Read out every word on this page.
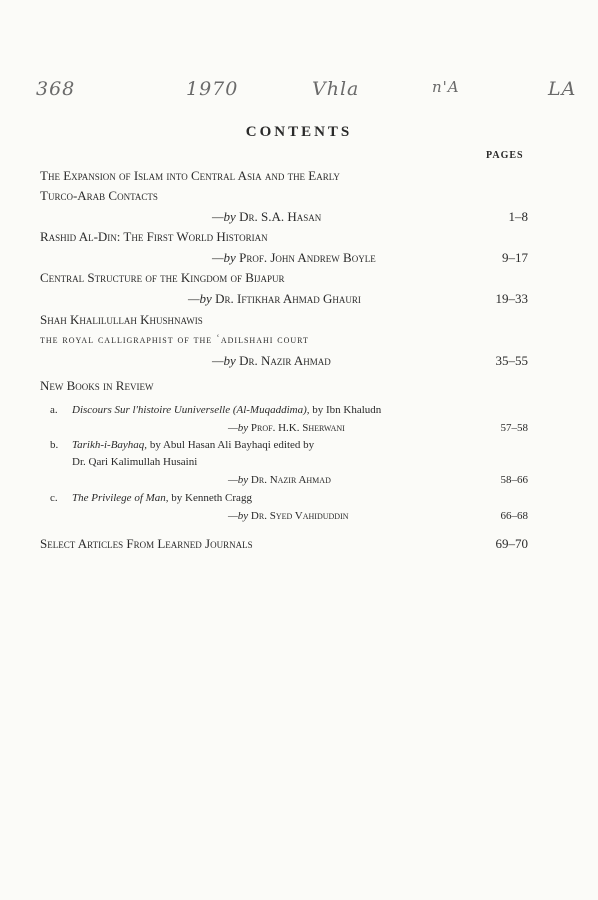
368	1970	Vhla	n'A	LA
CONTENTS
PAGES
The Expansion of Islam into Central Asia and the Early
Turco-Arab Contacts
—by Dr. S.A. Hasan	1–8
Rashid Al-Din: The First World Historian
—by Prof. John Andrew Boyle	9–17
Central Structure of the Kingdom of Bijapur
—by Dr. Iftikhar Ahmad Ghauri	19–33
Shah Khalilullah Khushnawis
the royal calligraphist of the ʿadilshahi court
—by Dr. Nazir Ahmad	35–55
New Books in Review
a. Discours Sur l'histoire Uuniverselle (Al-Muqaddima), by Ibn Khaludn
—by Prof. H.K. Sherwani	57–58
b. Tarikh-i-Bayhaq, by Abul Hasan Ali Bayhaqi edited by
Dr. Qari Kalimullah Husaini
—by Dr. Nazir Ahmad	58–66
c. The Privilege of Man, by Kenneth Cragg
—by Dr. Syed Vahiduddin	66–68
Select Articles From Learned Journals	69–70
